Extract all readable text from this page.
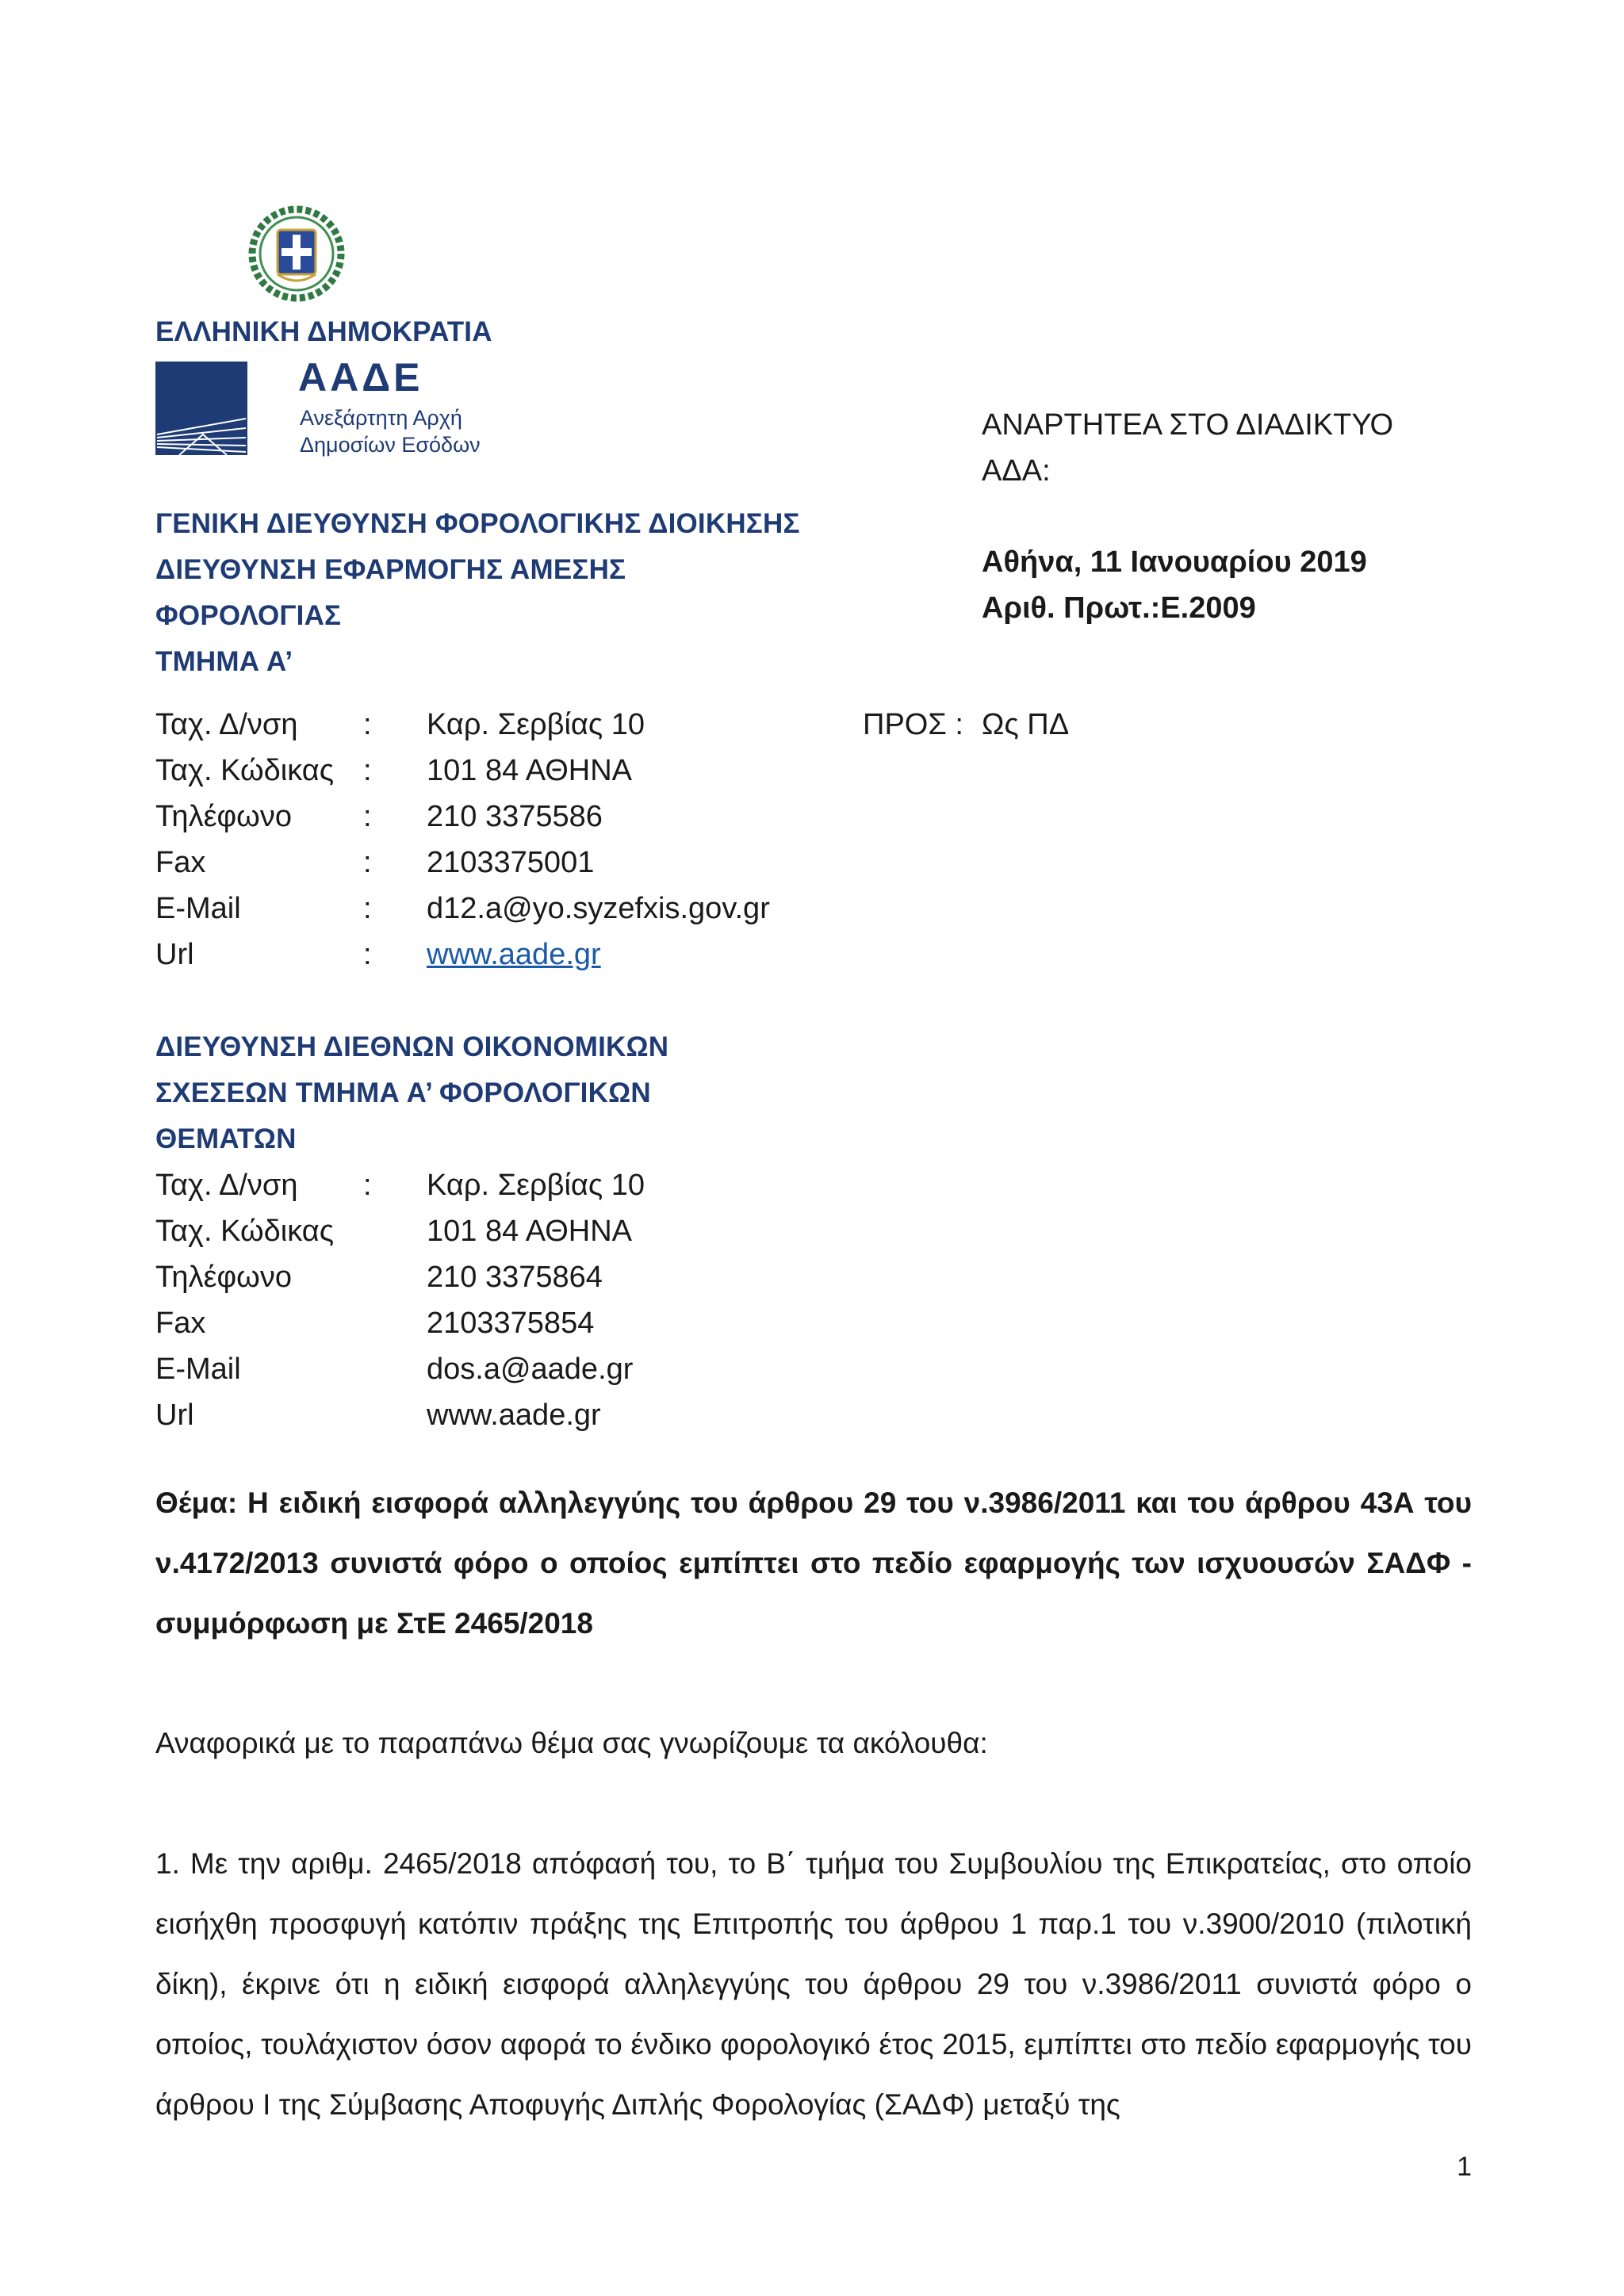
ΕΛΛΗΝΙΚΗ ΔΗΜΟΚΡΑΤΙΑ
ΑΑΔΕ
Ανεξάρτητη Αρχή
Δημοσίων Εσόδων
ΓΕΝΙΚΗ ΔΙΕΥΘΥΝΣΗ ΦΟΡΟΛΟΓΙΚΗΣ ΔΙΟΙΚΗΣΗΣ
ΔΙΕΥΘΥΝΣΗ ΕΦΑΡΜΟΓΗΣ ΑΜΕΣΗΣ
ΦΟΡΟΛΟΓΙΑΣ
ΤΜΗΜΑ Α’
ΑΝΑΡΤΗΤΕΑ ΣΤΟ ΔΙΑΔΙΚΤΥΟ
ΑΔΑ:
Αθήνα, 11 Ιανουαρίου 2019
Αριθ. Πρωτ.:Ε.2009
ΠΡΟΣ : Ως ΠΔ
Ταχ. Δ/νση : Καρ. Σερβίας 10
Ταχ. Κώδικας : 101 84 ΑΘΗΝΑ
Τηλέφωνο : 210 3375586
Fax	: 2103375001
E-Mail	: d12.a@yo.syzefxis.gov.gr
Url	: www.aade.gr
ΔΙΕΥΘΥΝΣΗ ΔΙΕΘΝΩΝ ΟΙΚΟΝΟΜΙΚΩΝ
ΣΧΕΣΕΩΝ ΤΜΗΜΑ Α’ ΦΟΡΟΛΟΓΙΚΩΝ
ΘΕΜΑΤΩΝ
Ταχ. Δ/νση : Καρ. Σερβίας 10
Ταχ. Κώδικας	101 84 ΑΘΗΝΑ
Τηλέφωνο	210 3375864
Fax	2103375854
E-Mail	dos.a@aade.gr
Url	www.aade.gr
Θέμα: Η ειδική εισφορά αλληλεγγύης του άρθρου 29 του ν.3986/2011 και του άρθρου 43Α του ν.4172/2013 συνιστά φόρο ο οποίος εμπίπτει στο πεδίο εφαρμογής των ισχυουσών ΣΑΔΦ - συμμόρφωση με ΣτΕ 2465/2018
Αναφορικά με το παραπάνω θέμα σας γνωρίζουμε τα ακόλουθα:
1. Με την αριθμ. 2465/2018 απόφασή του, το Β΄ τμήμα του Συμβουλίου της Επικρατείας, στο οποίο εισήχθη προσφυγή κατόπιν πράξης της Επιτροπής του άρθρου 1 παρ.1 του ν.3900/2010 (πιλοτική δίκη), έκρινε ότι η ειδική εισφορά αλληλεγγύης του άρθρου 29 του ν.3986/2011 συνιστά φόρο ο οποίος, τουλάχιστον όσον αφορά το ένδικο φορολογικό έτος 2015, εμπίπτει στο πεδίο εφαρμογής του άρθρου Ι της Σύμβασης Αποφυγής Διπλής Φορολογίας (ΣΑΔΦ) μεταξύ της
1
